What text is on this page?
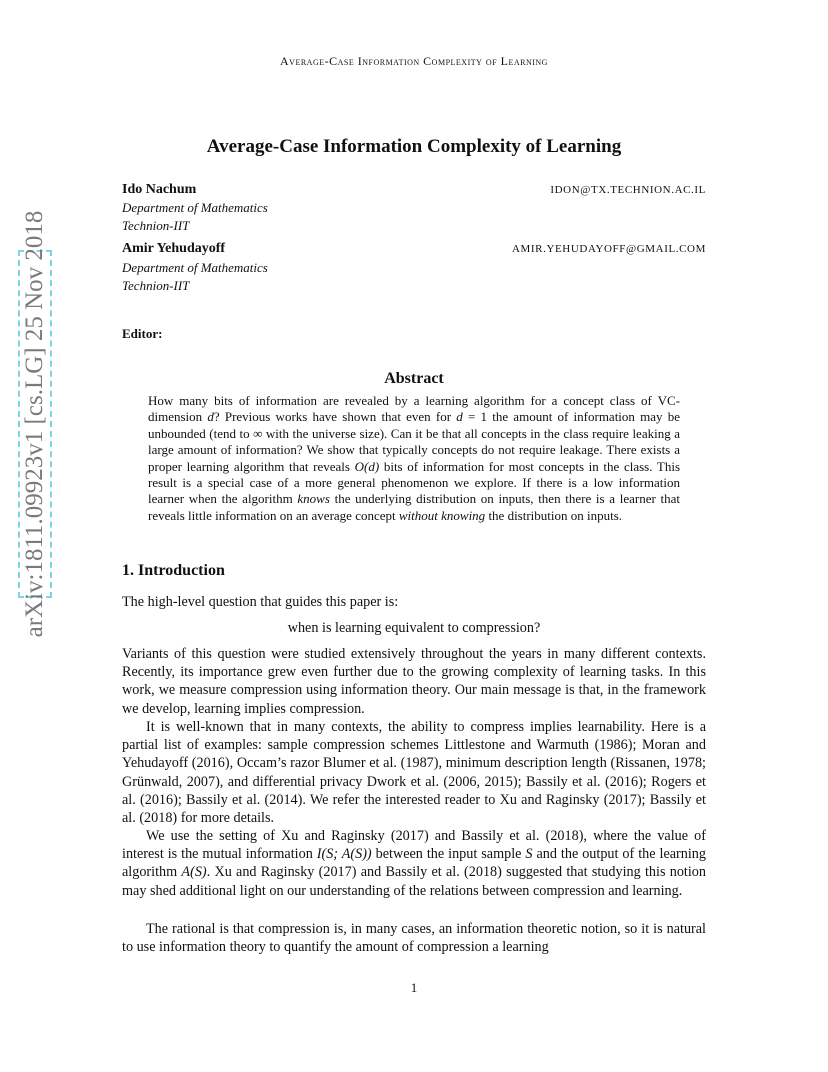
Average-Case Information Complexity of Learning
Average-Case Information Complexity of Learning
Ido Nachum	IDON@TX.TECHNION.AC.IL
Department of Mathematics
Technion-IIT
Amir Yehudayoff	AMIR.YEHUDAYOFF@GMAIL.COM
Department of Mathematics
Technion-IIT
Editor:
arXiv:1811.09923v1 [cs.LG] 25 Nov 2018	Abstract
How many bits of information are revealed by a learning algorithm for a concept class of VC-dimension d? Previous works have shown that even for d = 1 the amount of information may be unbounded (tend to ∞ with the universe size). Can it be that all concepts in the class require leaking a large amount of information? We show that typically concepts do not require leakage. There exists a proper learning algorithm that reveals O(d) bits of information for most concepts in the class. This result is a special case of a more general phenomenon we explore. If there is a low information learner when the algorithm knows the underlying distribution on inputs, then there is a learner that reveals little information on an average concept without knowing the distribution on inputs.
1. Introduction
The high-level question that guides this paper is:
when is learning equivalent to compression?
Variants of this question were studied extensively throughout the years in many different contexts. Recently, its importance grew even further due to the growing complexity of learning tasks. In this work, we measure compression using information theory. Our main message is that, in the framework we develop, learning implies compression.
It is well-known that in many contexts, the ability to compress implies learnability. Here is a partial list of examples: sample compression schemes Littlestone and Warmuth (1986); Moran and Yehudayoff (2016), Occam’s razor Blumer et al. (1987), minimum description length (Rissanen, 1978; Grünwald, 2007), and differential privacy Dwork et al. (2006, 2015); Bassily et al. (2016); Rogers et al. (2016); Bassily et al. (2014). We refer the interested reader to Xu and Raginsky (2017); Bassily et al. (2018) for more details.
We use the setting of Xu and Raginsky (2017) and Bassily et al. (2018), where the value of interest is the mutual information I(S; A(S)) between the input sample S and the output of the learning algorithm A(S). Xu and Raginsky (2017) and Bassily et al. (2018) suggested that studying this notion may shed additional light on our understanding of the relations between compression and learning.
The rational is that compression is, in many cases, an information theoretic notion, so it is natural to use information theory to quantify the amount of compression a learning
1
